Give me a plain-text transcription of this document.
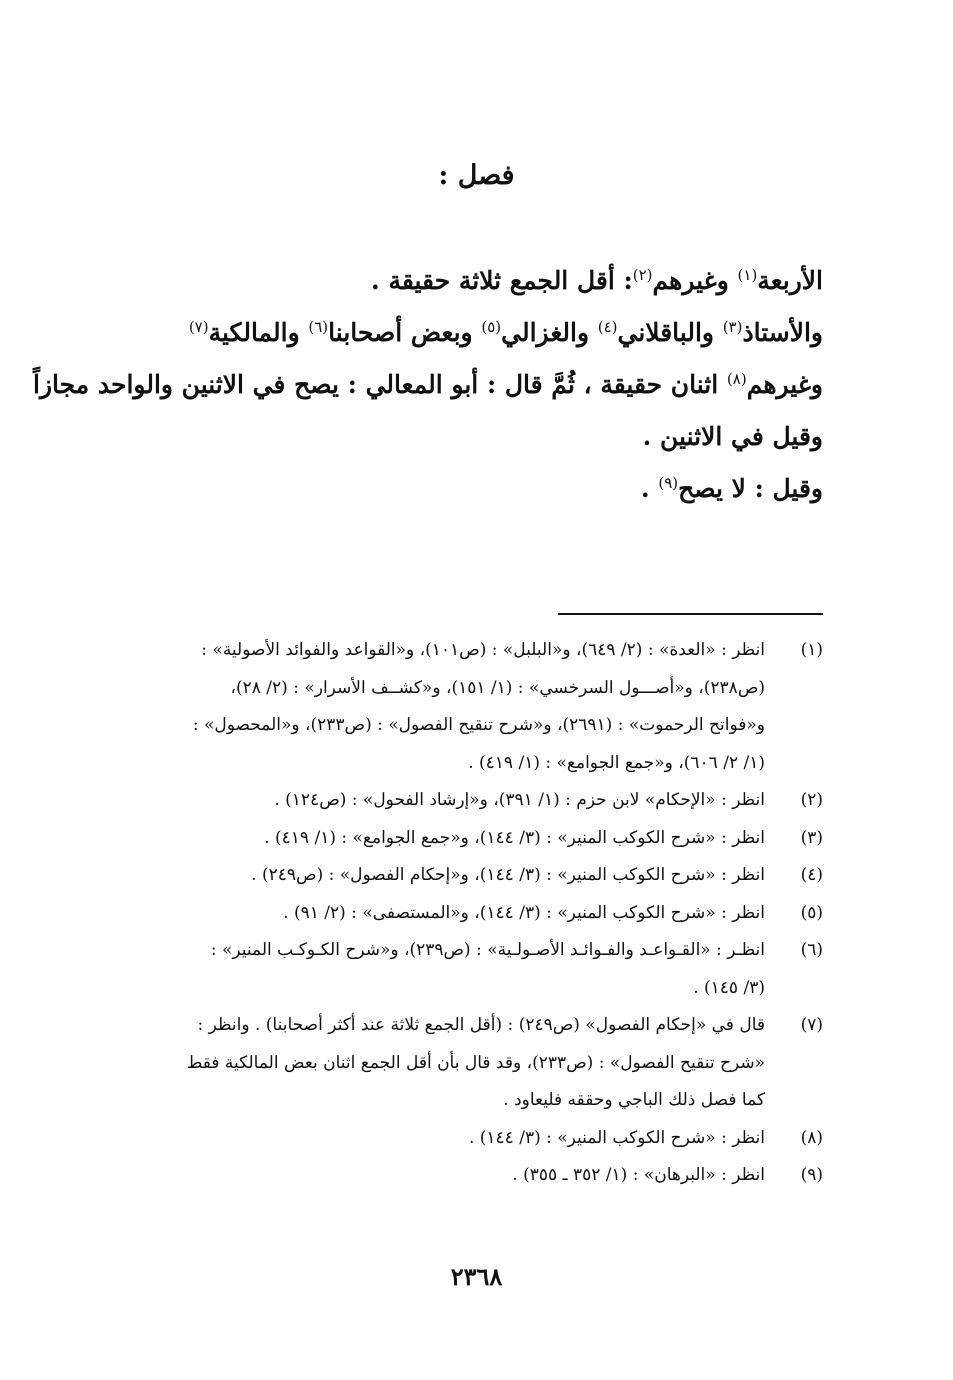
فصل :
الأربعة$^{(١)}$ وغيرهم$^{(٢)}$: أقل الجمع ثلاثة حقيقة .
والأستاذ$^{(٣)}$ والباقلاني$^{(٤)}$ والغزالي$^{(٥)}$ وبعض أصحابنا$^{(٦)}$ والمالكية$^{(٧)}$
وغيرهم$^{(٨)}$ اثنان حقيقة ، ثُمَّ قال : أبو المعالي : يصح في الاثنين والواحد مجازاً
وقيل في الاثنين .
وقيل : لا يصح$^{(٩)}$ .
(١)
انظر : «العدة» : (٢/ ٦٤٩)، و«البلبل» : (ص١٠١)، و«القواعد والفوائد الأصولية» :
(ص٢٣٨)، و«أصـــول السرخسي» : (١/ ١٥١)، و«كشــف الأسرار» : (٢/ ٢٨)،
و«فواتح الرحموت» : (٢٦٩١)، و«شرح تنقيح الفصول» : (ص٢٣٣)، و«المحصول» :
(١/ ٢/ ٦٠٦)، و«جمع الجوامع» : (١/ ٤١٩) .
(٢)
انظر : «الإحكام» لابن حزم : (١/ ٣٩١)، و«إرشاد الفحول» : (ص١٢٤) .
(٣)
انظر : «شرح الكوكب المنير» : (٣/ ١٤٤)، و«جمع الجوامع» : (١/ ٤١٩) .
(٤)
انظر : «شرح الكوكب المنير» : (٣/ ١٤٤)، و«إحكام الفصول» : (ص٢٤٩) .
(٥)
انظر : «شرح الكوكب المنير» : (٣/ ١٤٤)، و«المستصفى» : (٢/ ٩١) .
(٦)
انظـر : «القـواعـد والفـوائـد الأصـولـية» : (ص٢٣٩)، و«شرح الكـوكـب المنير» :
(٣/ ١٤٥) .
(٧)
قال في «إحكام الفصول» (ص٢٤٩) : (أقل الجمع ثلاثة عند أكثر أصحابنا) . وانظر :
«شرح تنقيح الفصول» : (ص٢٣٣)، وقد قال بأن أقل الجمع اثنان بعض المالكية فقط
كما فصل ذلك الباجي وحققه فليعاود .
(٨)
انظر : «شرح الكوكب المنير» : (٣/ ١٤٤) .
(٩)
انظر : «البرهان» : (١/ ٣٥٢ ـ ٣٥٥) .
٢٣٦٨
